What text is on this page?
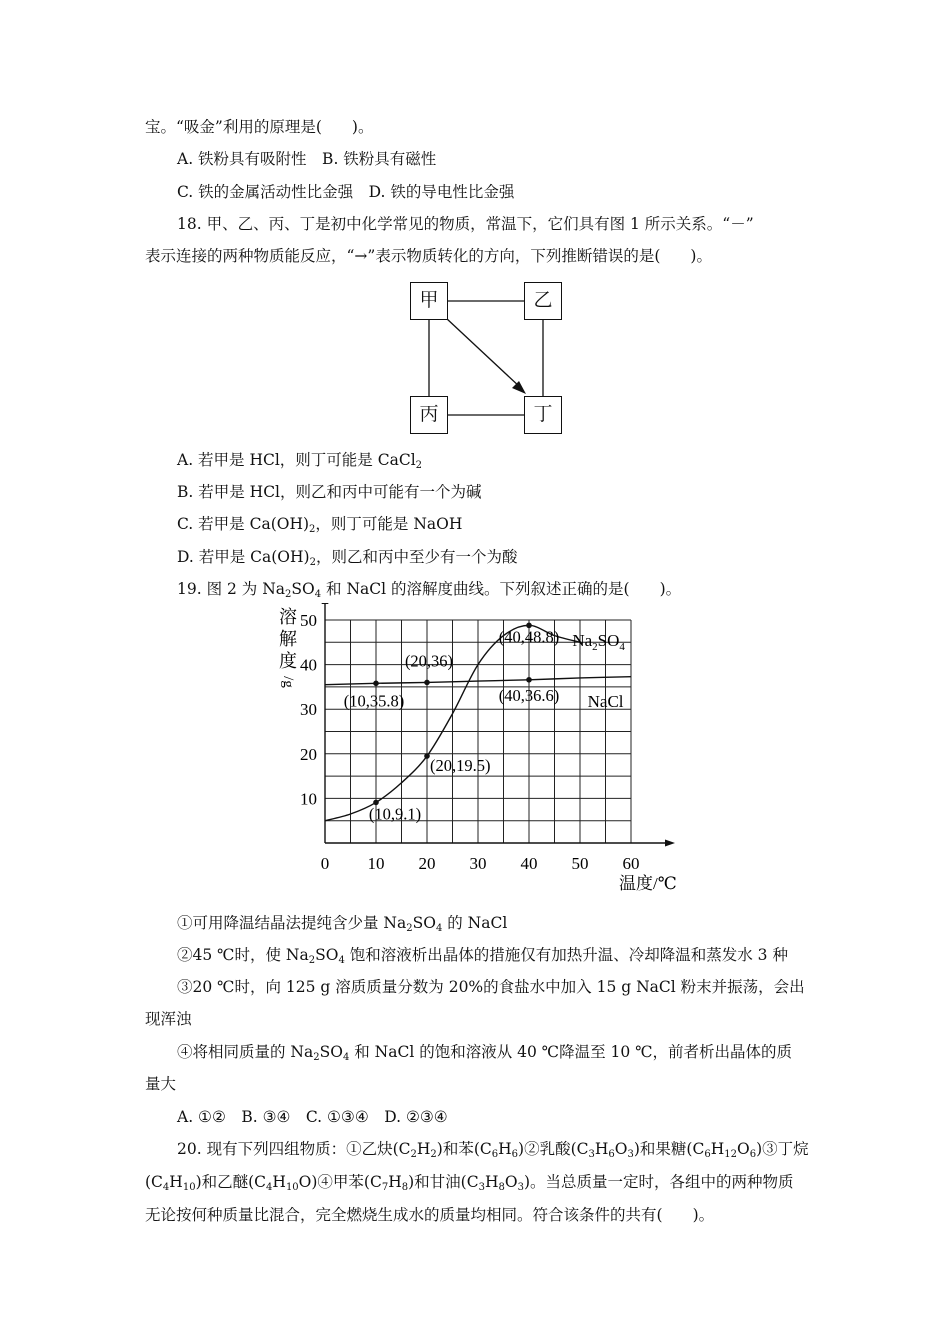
宝。“吸金”利用的原理是( )。
A. 铁粉具有吸附性　B. 铁粉具有磁性
C. 铁的金属活动性比金强　D. 铁的导电性比金强
18. 甲、乙、丙、丁是初中化学常见的物质，常温下，它们具有图 1 所示关系。“－”
表示连接的两种物质能反应，“→”表示物质转化的方向，下列推断错误的是( )。
甲	乙
丙	丁
A. 若甲是 HCl，则丁可能是 CaCl$_2$
B. 若甲是 HCl，则乙和丙中可能有一个为碱
C. 若甲是 $Ca(OH)_2$，则丁可能是 NaOH
D. 若甲是 $Ca(OH)_2$，则乙和丙中至少有一个为酸
19. 图 2 为 $Na_2SO_4$ 和 NaCl 的溶解度曲线。下列叙述正确的是( )。
0 10 20 30 40 50 60
10
20
30
40
50
溶
解
度
/g
温度/℃
$Na_2SO_4$
NaCl
(10,35.8)
(20,36)
(40,36.6)
(40,48.8)
(20,19.5)
(10,9.1)
①可用降温结晶法提纯含少量 $Na_2SO_4$ 的 NaCl
②45 ℃时，使 $Na_2SO_4$ 饱和溶液析出晶体的措施仅有加热升温、冷却降温和蒸发水 3 种
③20 ℃时，向 125 g 溶质质量分数为 20%的食盐水中加入 15 g NaCl 粉末并振荡，会出
现浑浊
④将相同质量的 $Na_2SO_4$ 和 NaCl 的饱和溶液从 40 ℃降温至 10 ℃，前者析出晶体的质
量大
A. ①②　B. ③④　C. ①③④　D. ②③④
20. 现有下列四组物质：①乙炔$(C_2H_2)$和苯$(C_6H_6)②$乳酸$(C_3H_6O_3)$和果糖$(C_6H_{12}O_6)③$丁烷
$(C_4H_{10})$和乙醚$(C_4H_{10}O)④$甲苯$(C_7H_8)$和甘油$(C_3H_8O_3)$。当总质量一定时，各组中的两种物质
无论按何种质量比混合，完全燃烧生成水的质量均相同。符合该条件的共有( )。
